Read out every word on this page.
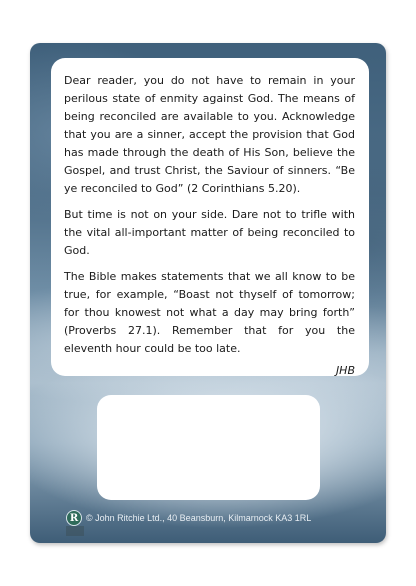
Dear reader, you do not have to remain in your perilous state of enmity against God. The means of being reconciled are available to you. Acknowledge that you are a sinner, accept the provision that God has made through the death of His Son, believe the Gospel, and trust Christ, the Saviour of sinners. “Be ye reconciled to God” (2 Corinthians 5.20).

But time is not on your side. Dare not to trifle with the vital all-important matter of being reconciled to God.

The Bible makes statements that we all know to be true, for example, “Boast not thyself of tomorrow; for thou knowest not what a day may bring forth” (Proverbs 27.1). Remember that for you the eleventh hour could be too late.

JHB
R © John Ritchie Ltd., 40 Beansburn, Kilmarnock KA3 1RL
